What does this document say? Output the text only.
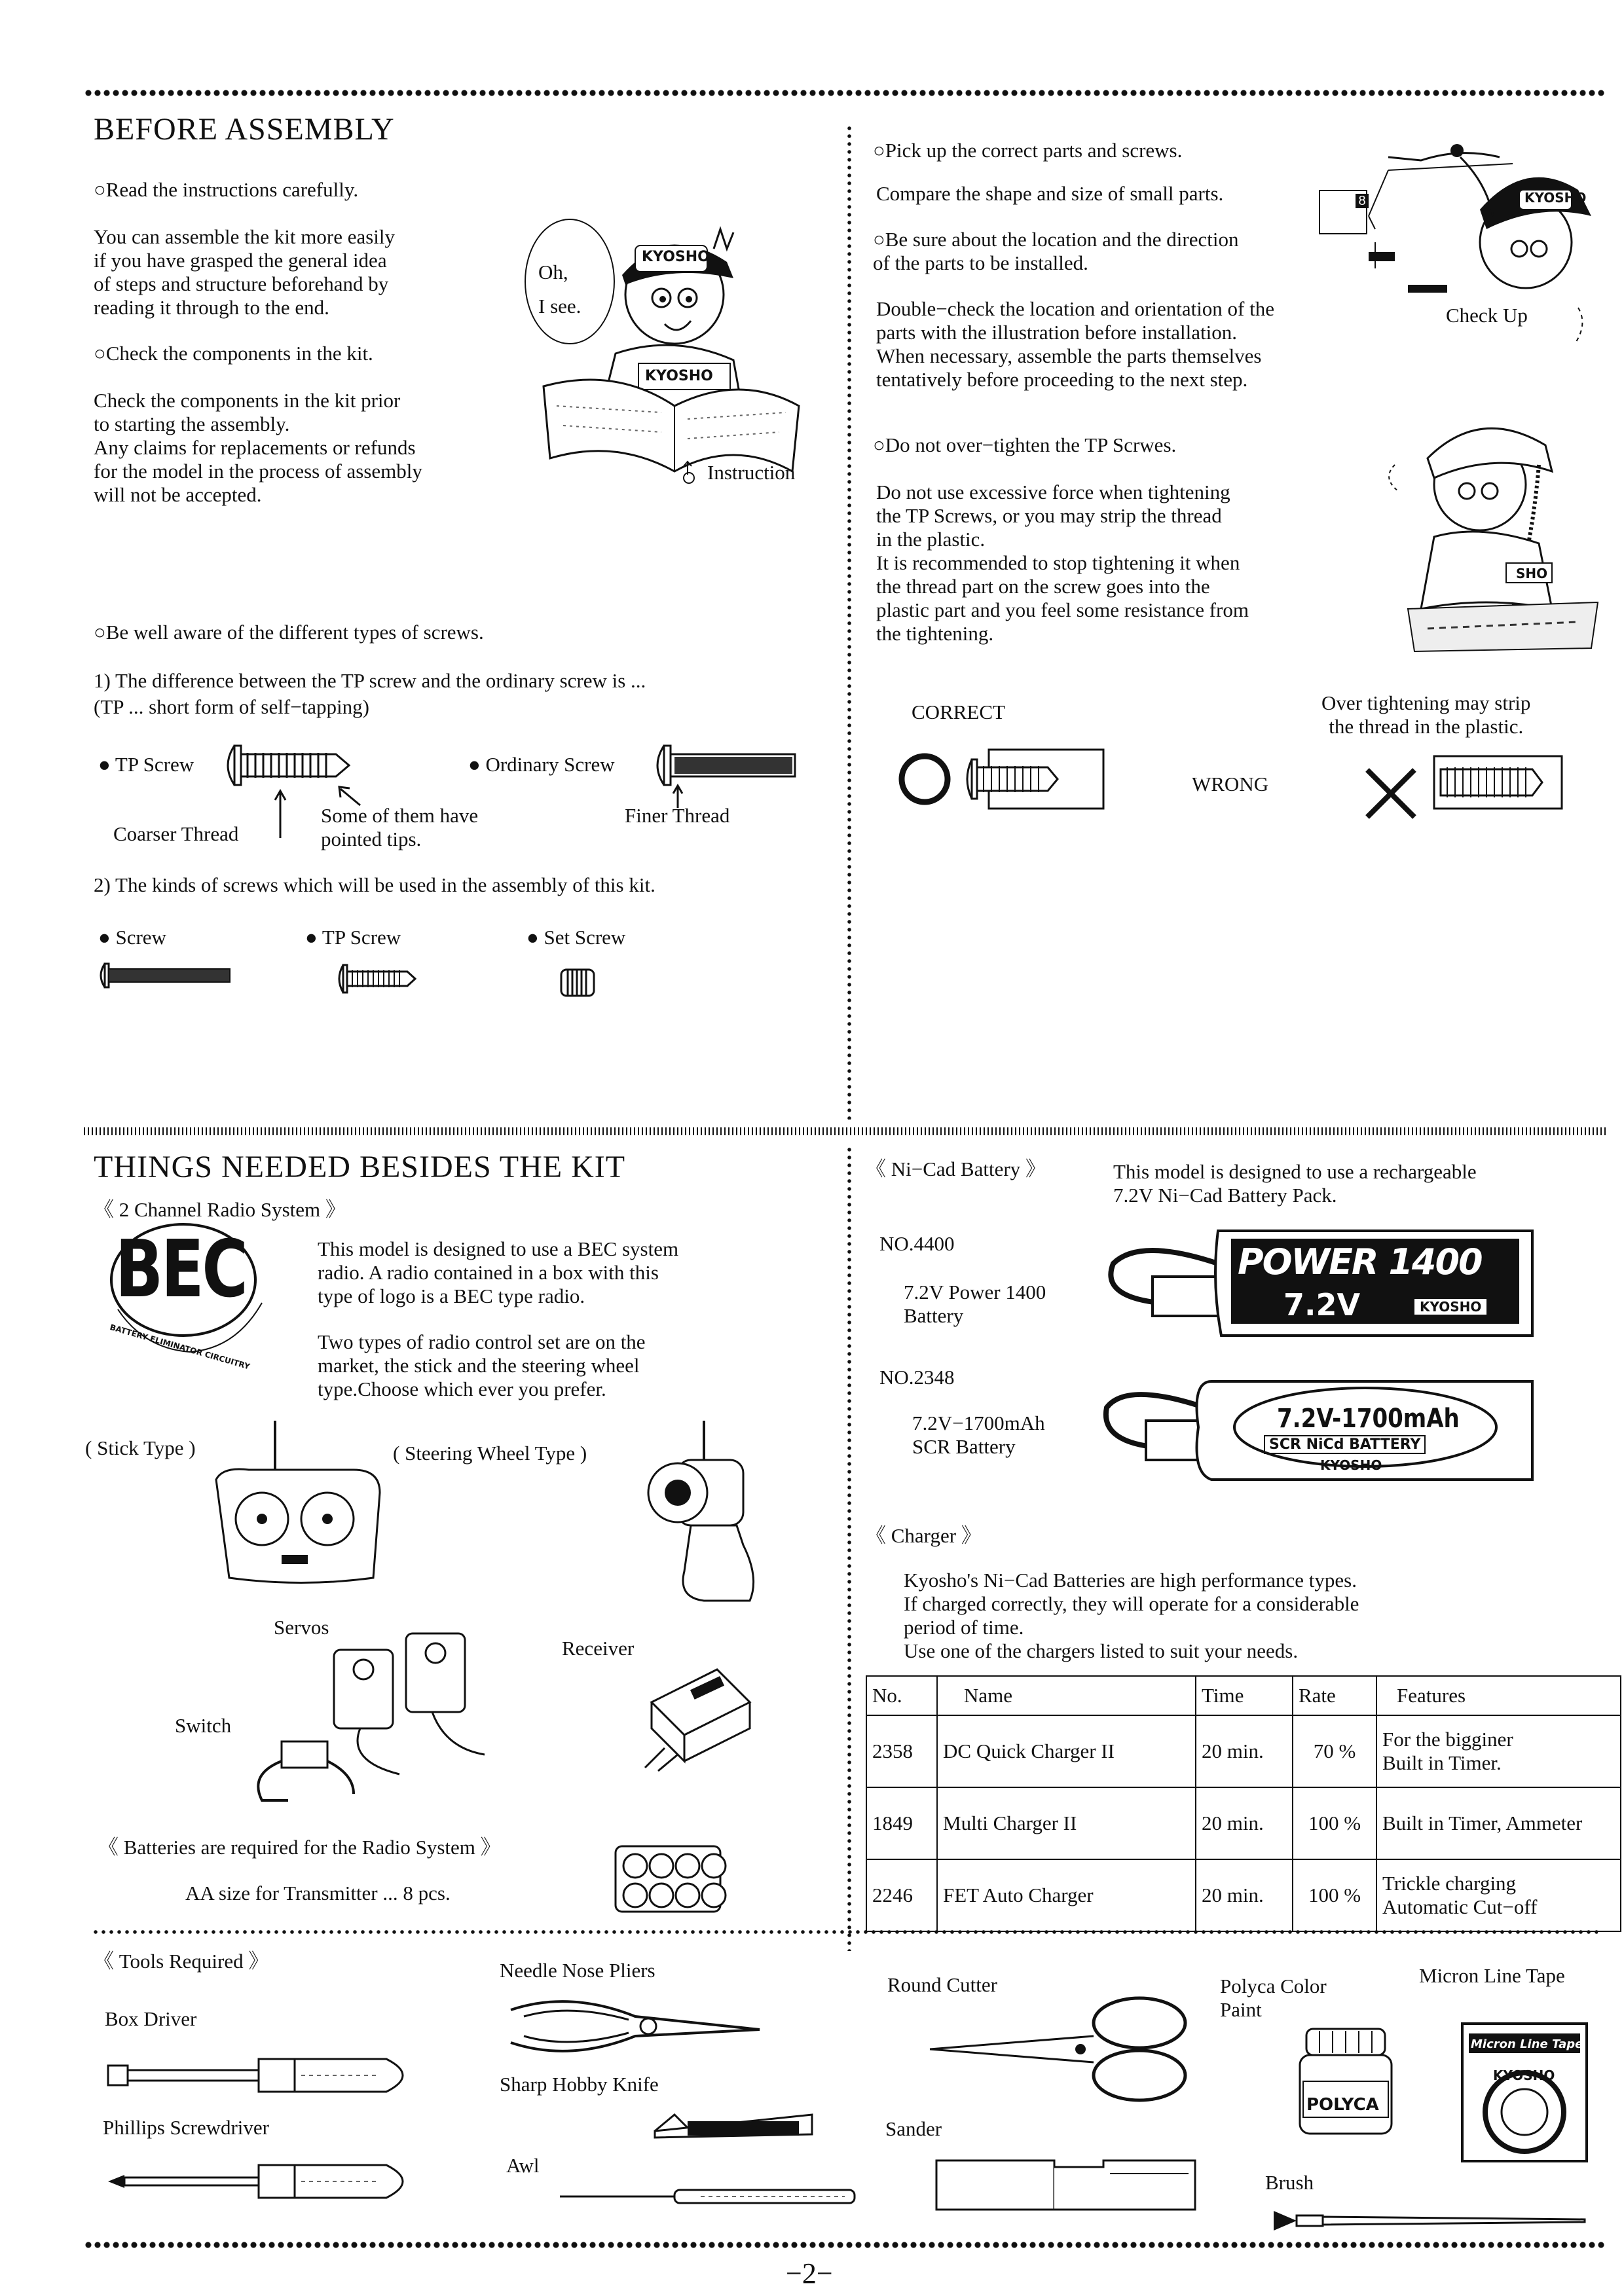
BEFORE ASSEMBLY
○Read the instructions carefully.
You can assemble the kit more easily
if you have grasped the general idea
of steps and structure beforehand by
reading it through to the end.
○Check the components in the kit.
Check the components in the kit prior
to starting the assembly.
Any claims for replacements or refunds
for the model in the process of assembly
will not be accepted.
Oh,
I see.
KYOSHO
KYOSHO
Instruction
○Be well aware of the different types of screws.
1) The difference between the TP screw and the ordinary screw is ...
(TP ... short form of self−tapping)
● TP Screw
Coarser Thread
Some of them have
pointed tips.
● Ordinary Screw
Finer Thread
2) The kinds of screws which will be used in the assembly of this kit.
● Screw	● TP Screw	● Set Screw
○Pick up the correct parts and screws.
Compare the shape and size of small parts.	8
○Be sure about the location and the direction
of the parts to be installed.
Double−check the location and orientation of the
parts with the illustration before installation.
When necessary, assemble the parts themselves
tentatively before proceeding to the next step.
KYOSHO
Check Up
○Do not over−tighten the TP Scrwes.
Do not use excessive force when tightening
the TP Screws, or you may strip the thread
in the plastic.
It is recommended to stop tightening it when
the thread part on the screw goes into the
plastic part and you feel some resistance from
the tightening.
SHO
CORRECT
WRONG
Over tightening may strip
the thread in the plastic.
THINGS NEEDED BESIDES THE KIT
《 2 Channel Radio System 》
BEC
BATTERY ELIMINATOR CIRCUITRY
This model is designed to use a BEC system
radio. A radio contained in a box with this
type of logo is a BEC type radio.
Two types of radio control set are on the
market, the stick and the steering wheel
type.Choose which ever you prefer.
( Stick Type )	( Steering Wheel Type )
Servos
Receiver
Switch
《 Batteries are required for the Radio System 》
AA size for Transmitter ... 8 pcs.
《 Ni−Cad Battery 》	This model is designed to use a rechargeable
7.2V Ni−Cad Battery Pack.
NO.4400
7.2V Power 1400
Battery
POWER 1400
7.2V	KYOSHO
NO.2348
7.2V−1700mAh
SCR Battery
7.2V-1700mAh
SCR NiCd BATTERY
KYOSHO
《 Charger 》
Kyosho's Ni−Cad Batteries are high performance types.
If charged correctly, they will operate for a considerable
period of time.
Use one of the chargers listed to suit your needs.
No.	Name	Time	Rate	Features
2358	DC Quick Charger II	20 min.	70 %	For the bigginer
Built in Timer.
1849	Multi Charger II	20 min.	100 %	Built in Timer, Ammeter
2246	FET Auto Charger	20 min.	100 %	Trickle charging
Automatic Cut−off
《 Tools Required 》
Box Driver
Phillips Screwdriver
Needle Nose Pliers
Sharp Hobby Knife
Awl
Round Cutter
Sander
Polyca Color
Paint
POLYCA
Micron Line Tape
Micron Line Tape
KYOSHO
Brush
−2−
